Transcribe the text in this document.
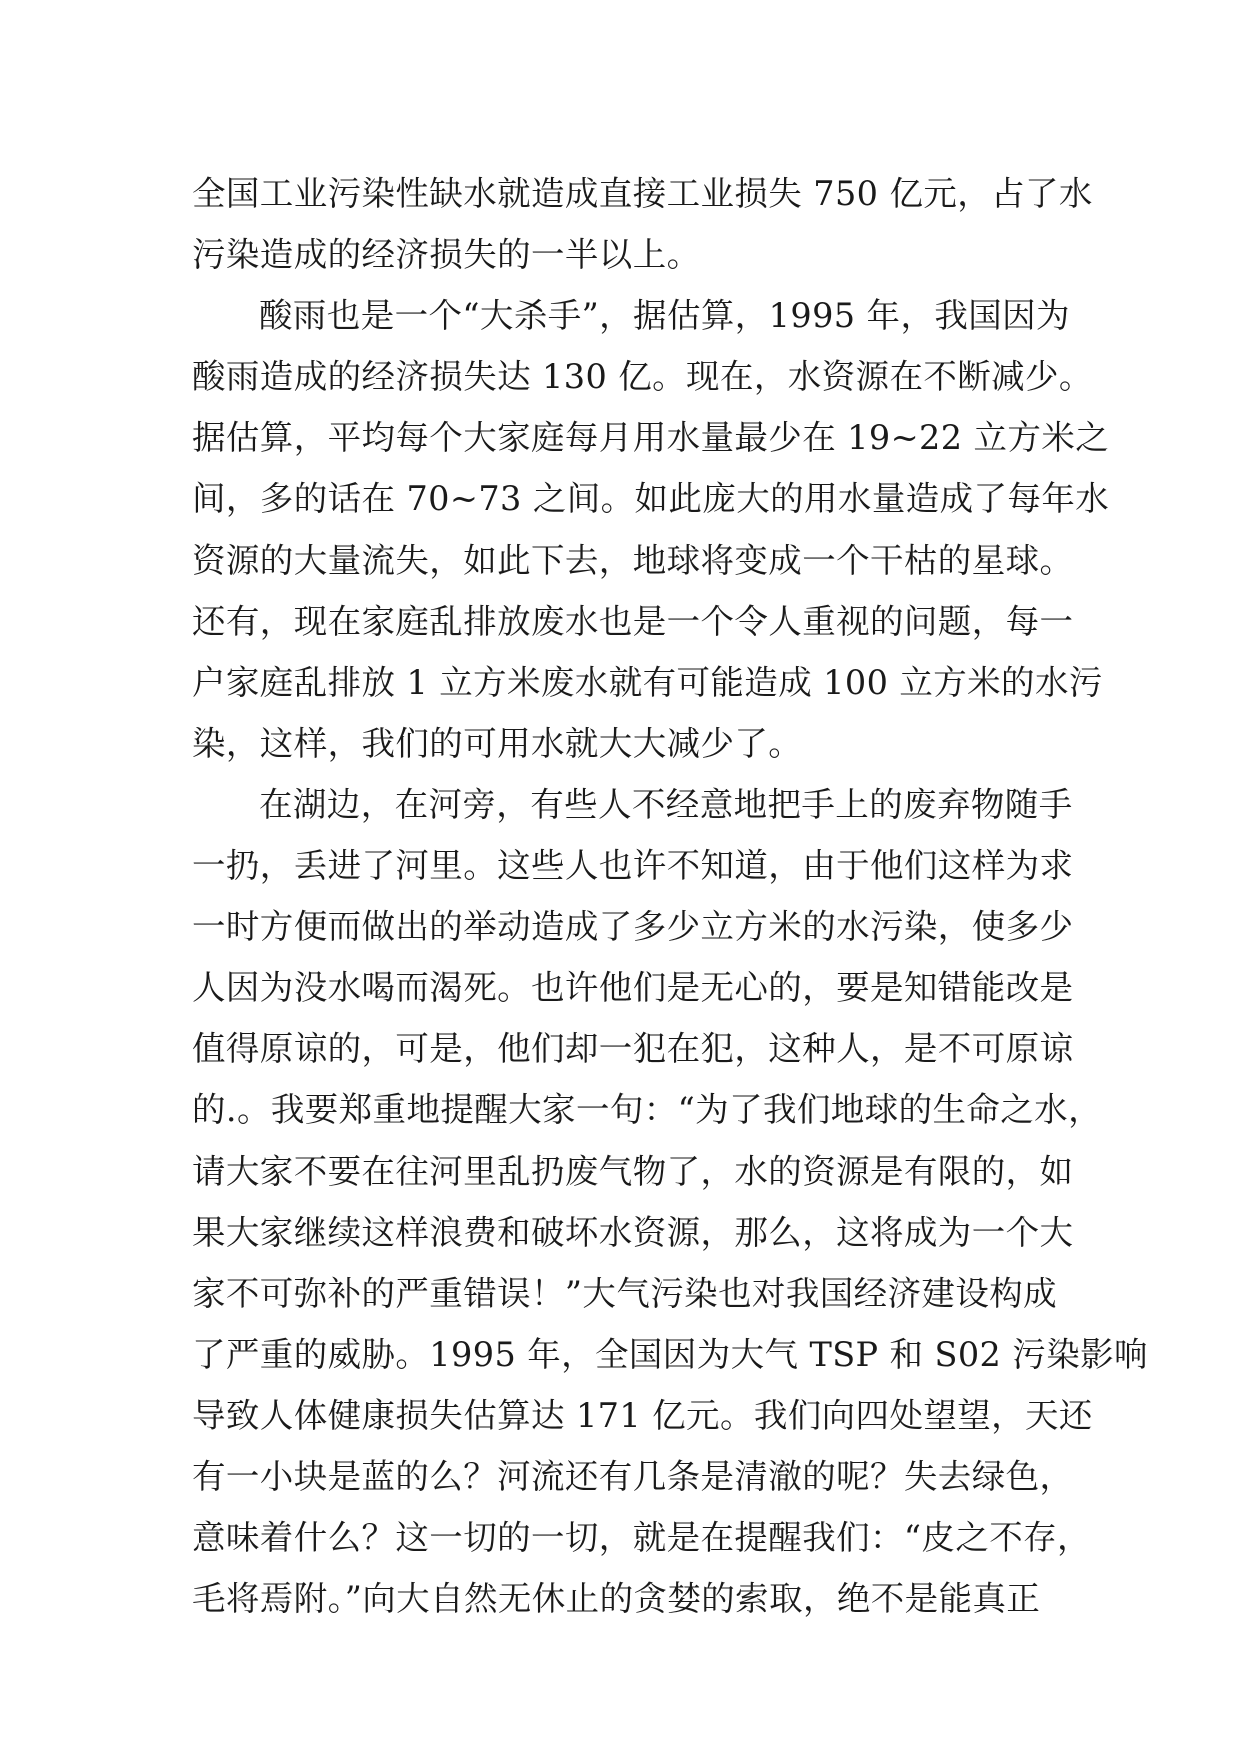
全国工业污染性缺水就造成直接工业损失 750 亿元，占了水
污染造成的经济损失的一半以上。
酸雨也是一个“大杀手”，据估算，1995 年，我国因为
酸雨造成的经济损失达 130 亿。现在，水资源在不断减少。
据估算，平均每个大家庭每月用水量最少在 19~22 立方米之
间，多的话在 70~73 之间。如此庞大的用水量造成了每年水
资源的大量流失，如此下去，地球将变成一个干枯的星球。
还有，现在家庭乱排放废水也是一个令人重视的问题，每一
户家庭乱排放 1 立方米废水就有可能造成 100 立方米的水污
染，这样，我们的可用水就大大减少了。
在湖边，在河旁，有些人不经意地把手上的废弃物随手
一扔，丢进了河里。这些人也许不知道，由于他们这样为求
一时方便而做出的举动造成了多少立方米的水污染，使多少
人因为没水喝而渴死。也许他们是无心的，要是知错能改是
值得原谅的，可是，他们却一犯在犯，这种人，是不可原谅
的.。我要郑重地提醒大家一句：“为了我们地球的生命之水，
请大家不要在往河里乱扔废气物了，水的资源是有限的，如
果大家继续这样浪费和破坏水资源，那么，这将成为一个大
家不可弥补的严重错误！”大气污染也对我国经济建设构成
了严重的威胁。1995 年，全国因为大气 TSP 和 S02 污染影响
导致人体健康损失估算达 171 亿元。我们向四处望望，天还
有一小块是蓝的么？河流还有几条是清澈的呢？失去绿色，
意味着什么？这一切的一切，就是在提醒我们：“皮之不存，
毛将焉附。”向大自然无休止的贪婪的索取，绝不是能真正
